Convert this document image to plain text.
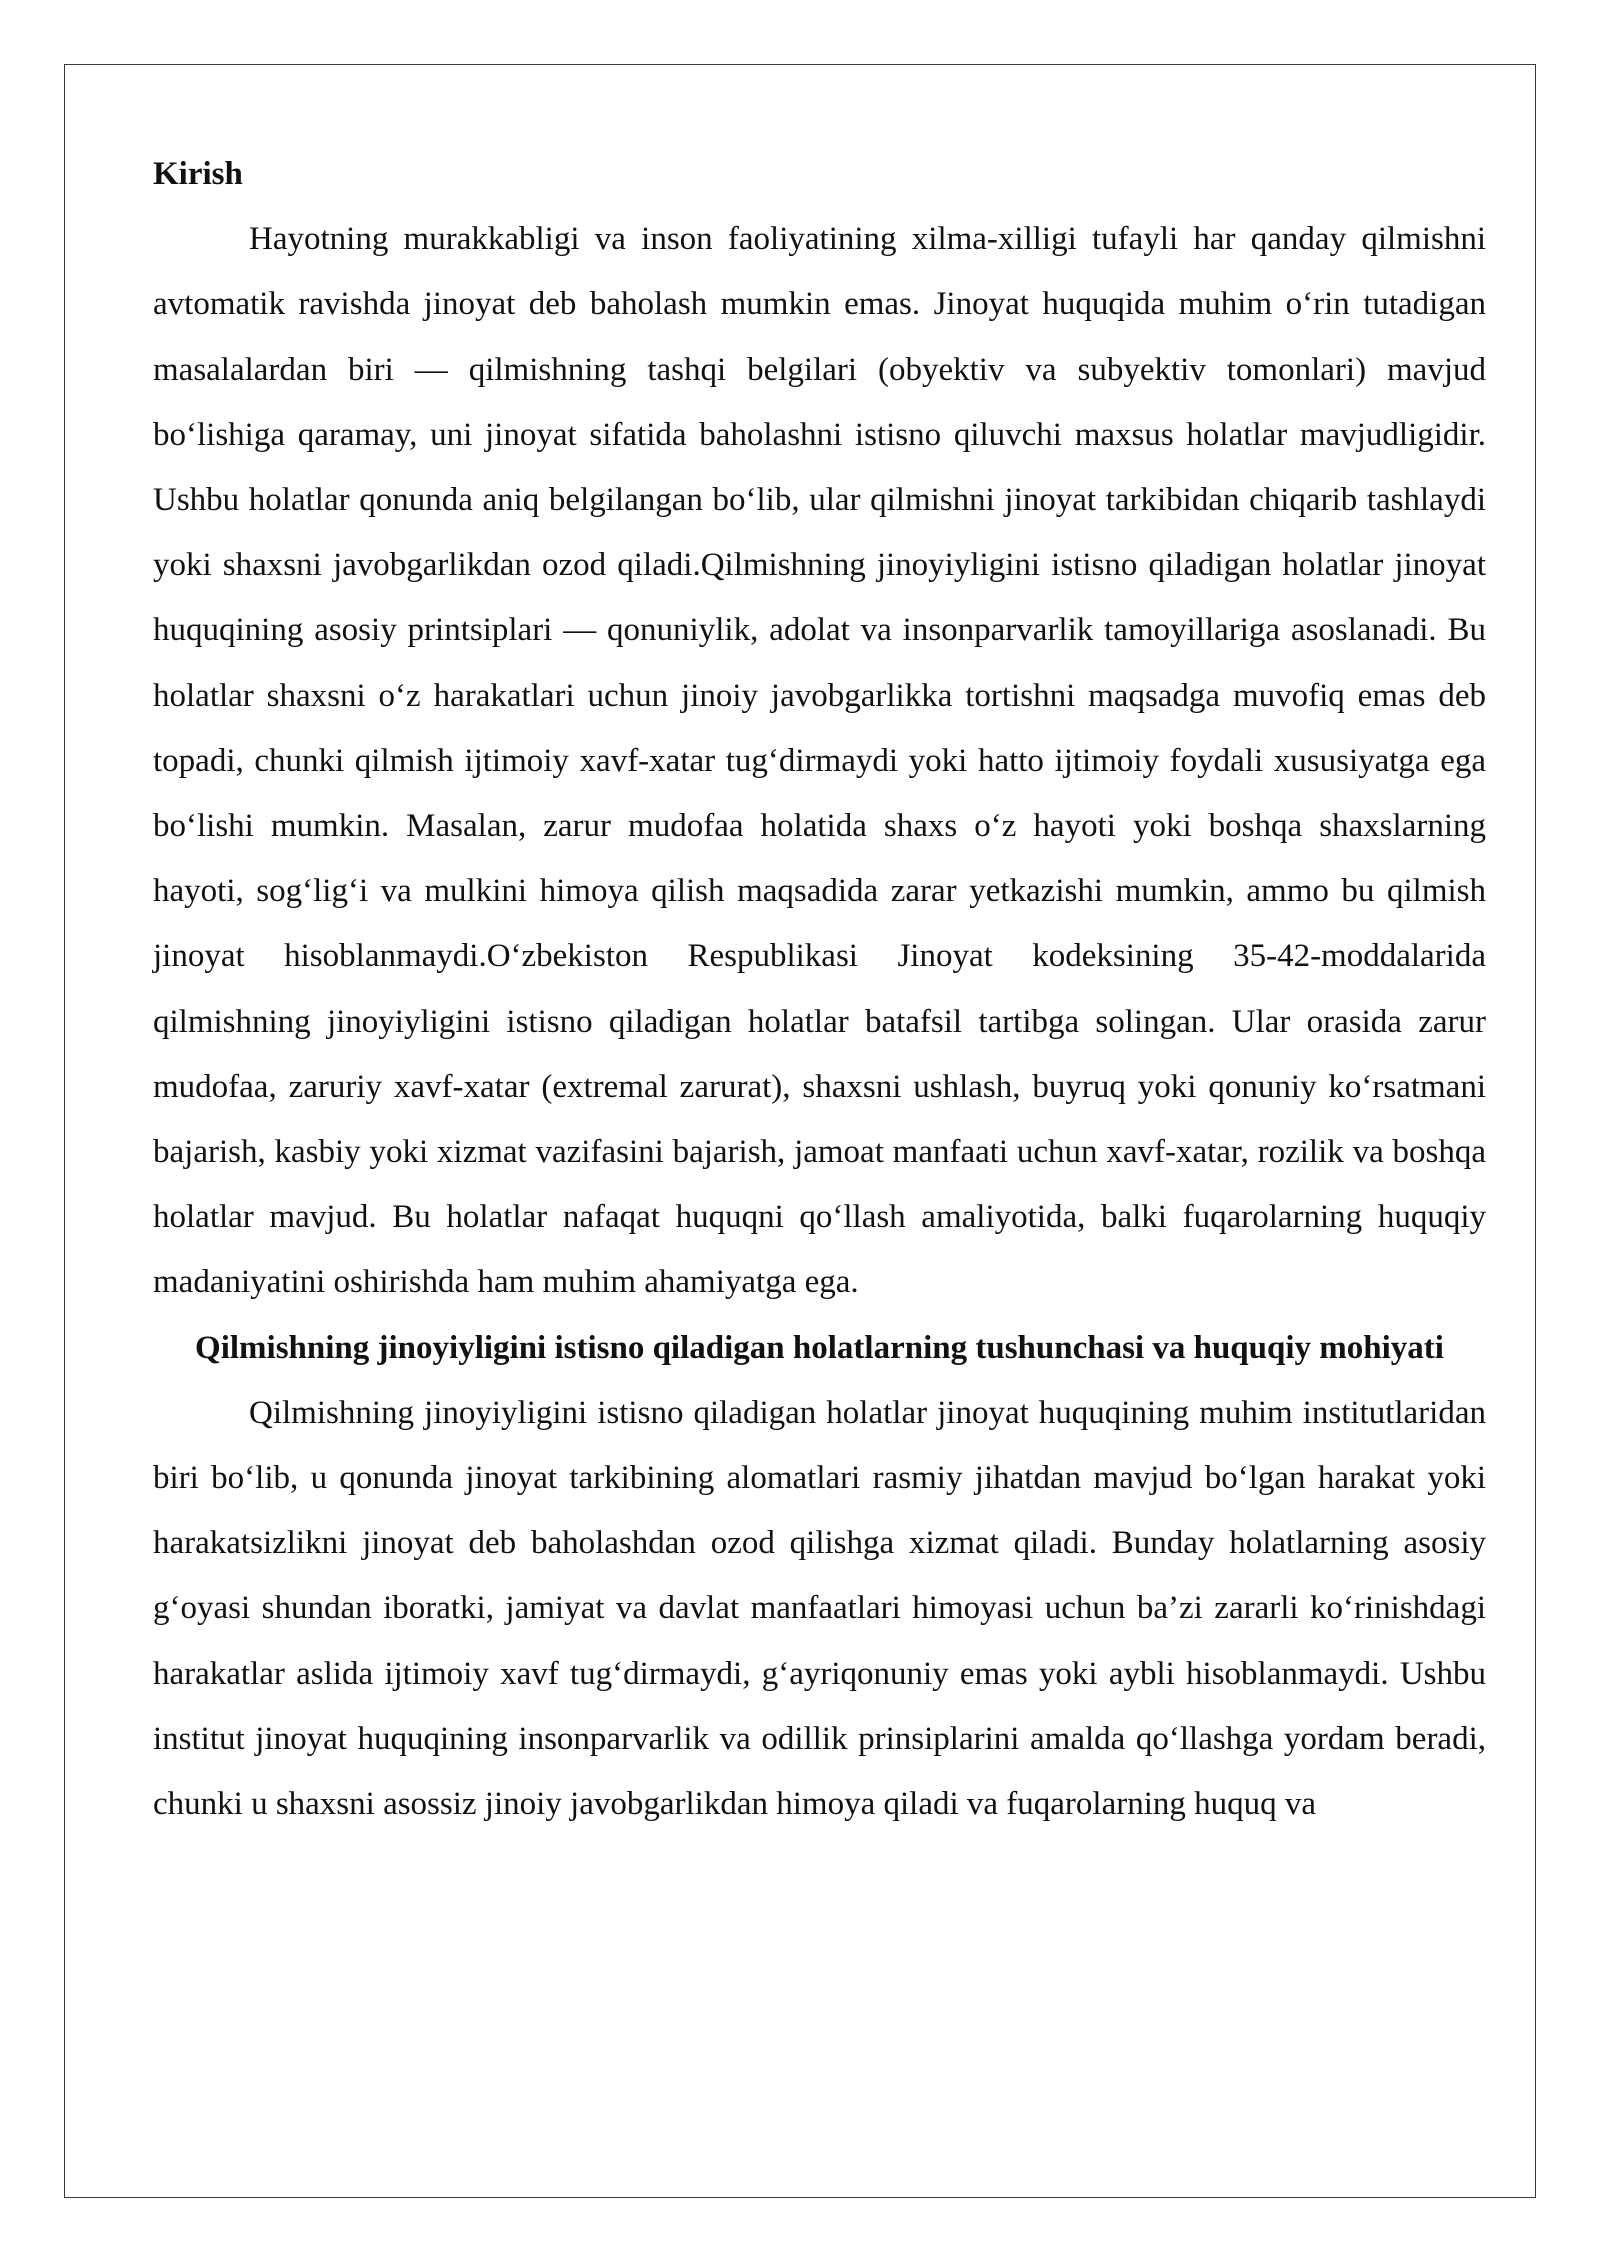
Kirish

Hayotning murakkabligi va inson faoliyatining xilma-xilligi tufayli har qanday qilmishni avtomatik ravishda jinoyat deb baholash mumkin emas. Jinoyat huquqida muhim o‘rin tutadigan masalalardan biri — qilmishning tashqi belgilari (obyektiv va subyektiv tomonlari) mavjud bo‘lishiga qaramay, uni jinoyat sifatida baholashni istisno qiluvchi maxsus holatlar mavjudligidir. Ushbu holatlar qonunda aniq belgilangan bo‘lib, ular qilmishni jinoyat tarkibidan chiqarib tashlaydi yoki shaxsni javobgarlikdan ozod qiladi.Qilmishning jinoyiyligini istisno qiladigan holatlar jinoyat huquqining asosiy printsiplari — qonuniylik, adolat va insonparvarlik tamoyillariga asoslanadi. Bu holatlar shaxsni o‘z harakatlari uchun jinoiy javobgarlikka tortishni maqsadga muvofiq emas deb topadi, chunki qilmish ijtimoiy xavf-xatar tug‘dirmaydi yoki hatto ijtimoiy foydali xususiyatga ega bo‘lishi mumkin. Masalan, zarur mudofaa holatida shaxs o‘z hayoti yoki boshqa shaxslarning hayoti, sog‘lig‘i va mulkini himoya qilish maqsadida zarar yetkazishi mumkin, ammo bu qilmish jinoyat hisoblanmaydi.O‘zbekiston Respublikasi Jinoyat kodeksining 35-42-moddalarida qilmishning jinoyiyligini istisno qiladigan holatlar batafsil tartibga solingan. Ular orasida zarur mudofaa, zaruriy xavf-xatar (extremal zarurat), shaxsni ushlash, buyruq yoki qonuniy ko‘rsatmani bajarish, kasbiy yoki xizmat vazifasini bajarish, jamoat manfaati uchun xavf-xatar, rozilik va boshqa holatlar mavjud. Bu holatlar nafaqat huquqni qo‘llash amaliyotida, balki fuqarolarning huquqiy madaniyatini oshirishda ham muhim ahamiyatga ega.

Qilmishning jinoyiyligini istisno qiladigan holatlarning tushunchasi va huquqiy mohiyati

Qilmishning jinoyiyligini istisno qiladigan holatlar jinoyat huquqining muhim institutlaridan biri bo‘lib, u qonunda jinoyat tarkibining alomatlari rasmiy jihatdan mavjud bo‘lgan harakat yoki harakatsizlikni jinoyat deb baholashdan ozod qilishga xizmat qiladi. Bunday holatlarning asosiy g‘oyasi shundan iboratki, jamiyat va davlat manfaatlari himoyasi uchun ba’zi zararli ko‘rinishdagi harakatlar aslida ijtimoiy xavf tug‘dirmaydi, g‘ayriqonuniy emas yoki aybli hisoblanmaydi. Ushbu institut jinoyat huquqining insonparvarlik va odillik prinsiplarini amalda qo‘llashga yordam beradi, chunki u shaxsni asossiz jinoiy javobgarlikdan himoya qiladi va fuqarolarning huquq va
